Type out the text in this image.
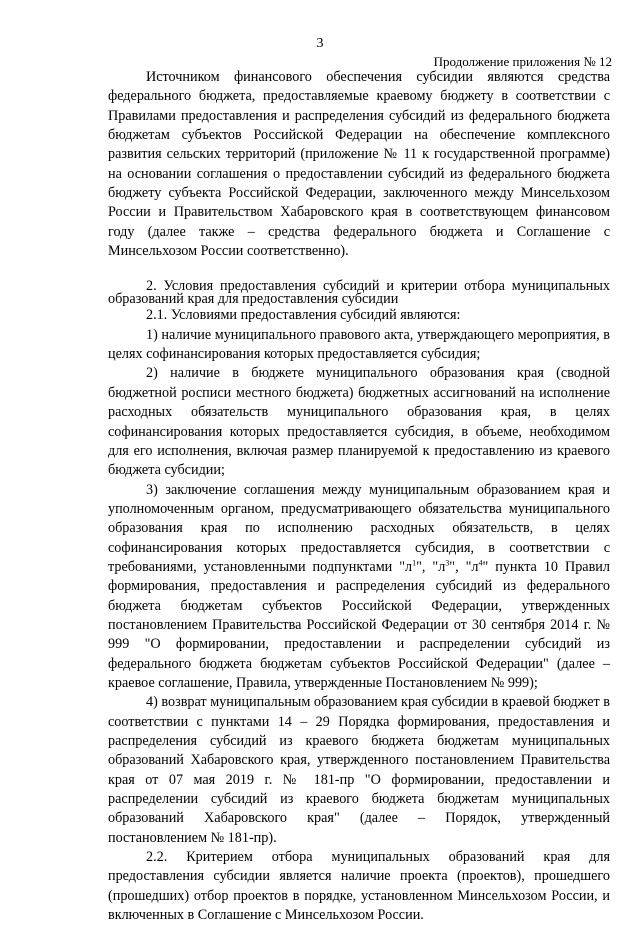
3
Продолжение приложения № 12

Источником финансового обеспечения субсидии являются средства федерального бюджета, предоставляемые краевому бюджету в соответствии с Правилами предоставления и распределения субсидий из федерального бюджета бюджетам субъектов Российской Федерации на обеспечение комплексного развития сельских территорий (приложение № 11 к государственной программе) на основании соглашения о предоставлении субсидий из федерального бюджета бюджету субъекта Российской Федерации, заключенного между Минсельхозом России и Правительством Хабаровского края в соответствующем финансовом году (далее также – средства федерального бюджета и Соглашение с Минсельхозом России соответственно).

2. Условия предоставления субсидий и критерии отбора муниципальных образований края для предоставления субсидии

2.1. Условиями предоставления субсидий являются:

1) наличие муниципального правового акта, утверждающего мероприятия, в целях софинансирования которых предоставляется субсидия;

2) наличие в бюджете муниципального образования края (сводной бюджетной росписи местного бюджета) бюджетных ассигнований на исполнение расходных обязательств муниципального образования края, в целях софинансирования которых предоставляется субсидия, в объеме, необходимом для его исполнения, включая размер планируемой к предоставлению из краевого бюджета субсидии;

3) заключение соглашения между муниципальным образованием края и уполномоченным органом, предусматривающего обязательства муниципального образования края по исполнению расходных обязательств, в целях софинансирования которых предоставляется субсидия, в соответствии с требованиями, установленными подпунктами "$л^1$", "$л^3$", "$л^4$" пункта 10 Правил формирования, предоставления и распределения субсидий из федерального бюджета бюджетам субъектов Российской Федерации, утвержденных постановлением Правительства Российской Федерации от 30 сентября 2014 г. № 999 "О формировании, предоставлении и распределении субсидий из федерального бюджета бюджетам субъектов Российской Федерации" (далее – краевое соглашение, Правила, утвержденные Постановлением № 999);

4) возврат муниципальным образованием края субсидии в краевой бюджет в соответствии с пунктами 14 – 29 Порядка формирования, предоставления и распределения субсидий из краевого бюджета бюджетам муниципальных образований Хабаровского края, утвержденного постановлением Правительства края от 07 мая 2019 г. № 181-пр "О формировании, предоставлении и распределении субсидий из краевого бюджета бюджетам муниципальных образований Хабаровского края" (далее – Порядок, утвержденный постановлением № 181-пр).

2.2. Критерием отбора муниципальных образований края для предоставления субсидии является наличие проекта (проектов), прошедшего (прошедших) отбор проектов в порядке, установленном Минсельхозом России, и включенных в Соглашение с Минсельхозом России.
